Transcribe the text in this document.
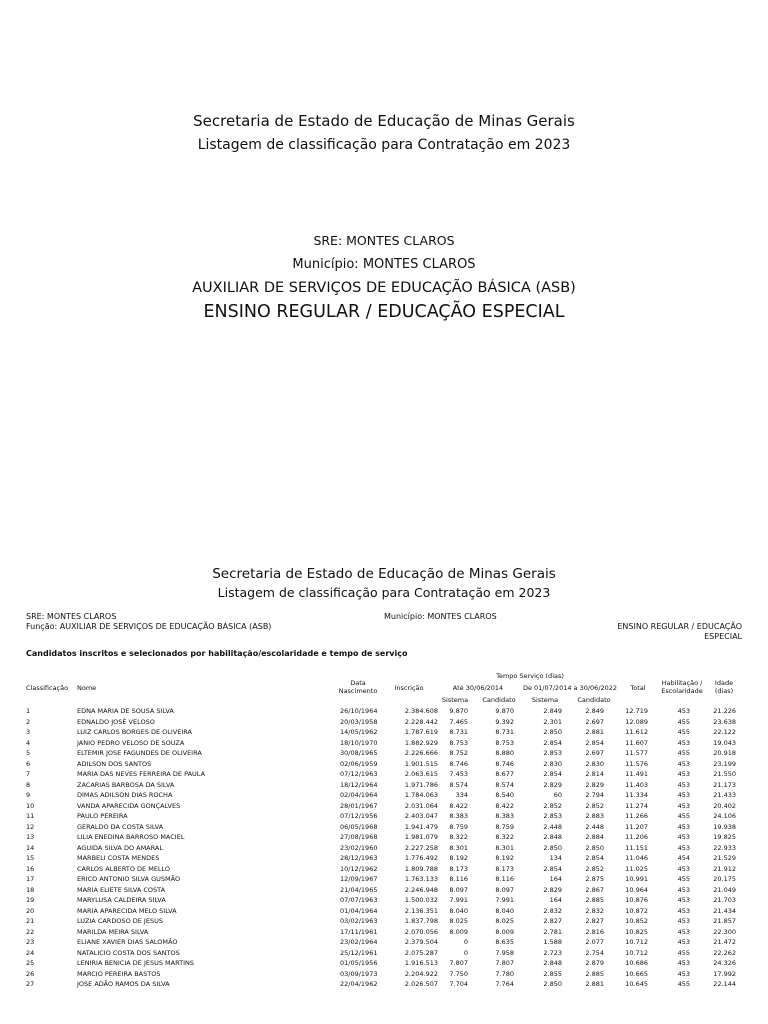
Secretaria de Estado de Educação de Minas Gerais
Listagem de classificação para Contratação em 2023
SRE: MONTES CLAROS
Município: MONTES CLAROS
AUXILIAR DE SERVIÇOS DE EDUCAÇÃO BÁSICA (ASB)
ENSINO REGULAR / EDUCAÇÃO ESPECIAL
Secretaria de Estado de Educação de Minas Gerais
Listagem de classificação para Contratação em 2023
SRE: MONTES CLAROS
Função: AUXILIAR DE SERVIÇOS DE EDUCAÇÃO BÁSICA (ASB)
Município: MONTES CLAROS
ENSINO REGULAR / EDUCAÇÃO ESPECIAL
Candidatos inscritos e selecionados por habilitação/escolaridade e tempo de serviço
Classificação Nome
Data Nascimento	Inscrição
Tempo Serviço (dias)
Até 30/06/2014	De 01/07/2014 a 30/06/2022
Sistema	Candidato	Sistema	Candidato
Total
Habilitação / Escolaridade
Idade (dias)
1	EDNA MARIA DE SOUSA SILVA	26/10/1964	2.384.608	9.870	9.870	2.849	2.849	12.719	453	21.226
2	EDNALDO JOSÉ VELOSO	20/03/1958	2.228.442	7.465	9.392	2.301	2.697	12.089	455	23.638
3	LUIZ CARLOS BORGES DE OLIVEIRA	14/05/1962	1.787.619	8.731	8.731	2.850	2.881	11.612	455	22.122
4	JANIO PEDRO VELOSO DE SOUZA	18/10/1970	1.882.929	8.753	8.753	2.854	2.854	11.607	453	19.043
5	ELTEMIR JOSE FAGUNDES DE OLIVEIRA	30/08/1965	2.226.666	8.752	8.880	2.853	2.697	11.577	455	20.918
6	ADILSON DOS SANTOS	02/06/1959	1.901.515	8.746	8.746	2.830	2.830	11.576	453	23.199
7	MARIA DAS NEVES FERREIRA DE PAULA	07/12/1963	2.063.615	7.453	8.677	2.854	2.814	11.491	453	21.550
8	ZACARIAS BARBOSA DA SILVA	18/12/1964	1.971.786	8.574	8.574	2.829	2.829	11.403	453	21.173
9	DIMAS ADILSON DIAS ROCHA	02/04/1964	1.784.063	334	8.540	60	2.794	11.334	453	21.433
10	VANDA APARECIDA GONÇALVES	28/01/1967	2.031.064	8.422	8.422	2.852	2.852	11.274	453	20.402
11	PAULO PEREIRA	07/12/1956	2.403.047	8.383	8.383	2.853	2.883	11.266	455	24.106
12	GERALDO DA COSTA SILVA	06/05/1968	1.941.479	8.759	8.759	2.448	2.448	11.207	453	19.938
13	LILIA ENEDINA BARROSO MACIEL	27/08/1968	1.981.079	8.322	8.322	2.848	2.884	11.206	453	19.825
14	AGUIDA SILVA DO AMARAL	23/02/1960	2.227.258	8.301	8.301	2.850	2.850	11.151	453	22.933
15	MARBELI COSTA MENDES	28/12/1963	1.776.492	8.192	8.192	134	2.854	11.046	454	21.529
16	CARLOS ALBERTO DE MELLO	10/12/1962	1.809.788	8.173	8.173	2.854	2.852	11.025	453	21.912
17	ERICO ANTONIO SILVA GUSMÃO	12/09/1967	1.763.133	8.116	8.116	164	2.875	10.991	455	20.175
18	MARIA ELIETE SILVA COSTA	21/04/1965	2.246.948	8.097	8.097	2.829	2.867	10.964	453	21.049
19	MARYLUSA CALDEIRA SILVA	07/07/1963	1.500.032	7.991	7.991	164	2.885	10.876	453	21.703
20	MARIA APARECIDA MELO SILVA	01/04/1964	2.136.351	8.040	8.040	2.832	2.832	10.872	453	21.434
21	LUZIA CARDOSO DE JESUS	03/02/1963	1.837.798	8.025	8.025	2.827	2.827	10.852	453	21.857
22	MARILDA MEIRA SILVA	17/11/1961	2.070.056	8.009	8.009	2.781	2.816	10.825	453	22.300
23	ELIANE XAVIER DIAS SALOMÃO	23/02/1964	2.379.504	0	8.635	1.588	2.077	10.712	453	21.472
24	NATALICIO COSTA DOS SANTOS	25/12/1961	2.075.287	0	7.958	2.723	2.754	10.712	455	22.262
25	LENIRIA BENICIA DE JESUS MARTINS	01/05/1956	1.916.513	7.807	7.807	2.848	2.879	10.686	453	24.326
26	MARCIO PEREIRA BASTOS	03/09/1973	2.204.922	7.750	7.780	2.855	2.885	10.665	453	17.992
27	JOSE ADÃO RAMOS DA SILVA	22/04/1962	2.026.507	7.704	7.764	2.850	2.881	10.645	455	22.144
